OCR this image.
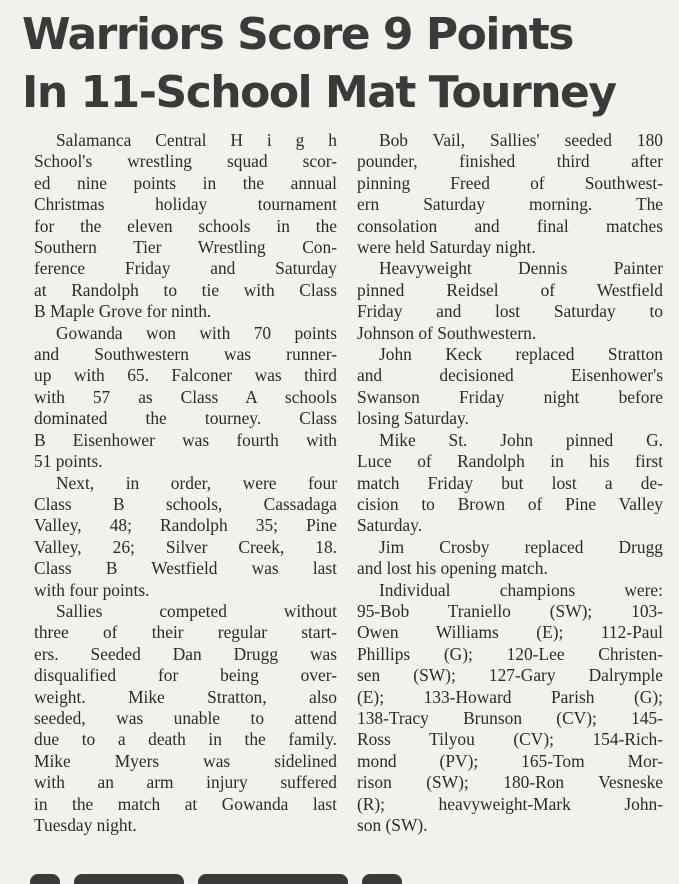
Warriors Score 9 Points
In 11-School Mat Tourney

Salamanca Central H i g h
School's wrestling squad scor-
ed nine points in the annual
Christmas holiday tournament
for the eleven schools in the
Southern Tier Wrestling Con-
ference Friday and Saturday
at Randolph to tie with Class
B Maple Grove for ninth.

Gowanda won with 70 points
and Southwestern was runner-
up with 65. Falconer was third
with 57 as Class A schools
dominated the tourney. Class
B Eisenhower was fourth with
51 points.

Next, in order, were four
Class B schools, Cassadaga
Valley, 48; Randolph 35; Pine
Valley, 26; Silver Creek, 18.
Class B Westfield was last
with four points.

Sallies competed without
three of their regular start-
ers. Seeded Dan Drugg was
disqualified for being over-
weight. Mike Stratton, also
seeded, was unable to attend
due to a death in the family.
Mike Myers was sidelined
with an arm injury suffered
in the match at Gowanda last
Tuesday night.

Bob Vail, Sallies' seeded 180
pounder, finished third after
pinning Freed of Southwest-
ern Saturday morning. The
consolation and final matches
were held Saturday night.

Heavyweight Dennis Painter
pinned Reidsel of Westfield
Friday and lost Saturday to
Johnson of Southwestern.

John Keck replaced Stratton
and decisioned Eisenhower's
Swanson Friday night before
losing Saturday.

Mike St. John pinned G.
Luce of Randolph in his first
match Friday but lost a de-
cision to Brown of Pine Valley
Saturday.

Jim Crosby replaced Drugg
and lost his opening match.

Individual champions were:
95-Bob Traniello (SW); 103-
Owen Williams (E); 112-Paul
Phillips (G); 120-Lee Christen-
sen (SW); 127-Gary Dalrymple
(E); 133-Howard Parish (G);
138-Tracy Brunson (CV); 145-
Ross Tilyou (CV); 154-Rich-
mond (PV); 165-Tom Mor-
rison (SW); 180-Ron Vesneske
(R); heavyweight-Mark John-
son (SW).
